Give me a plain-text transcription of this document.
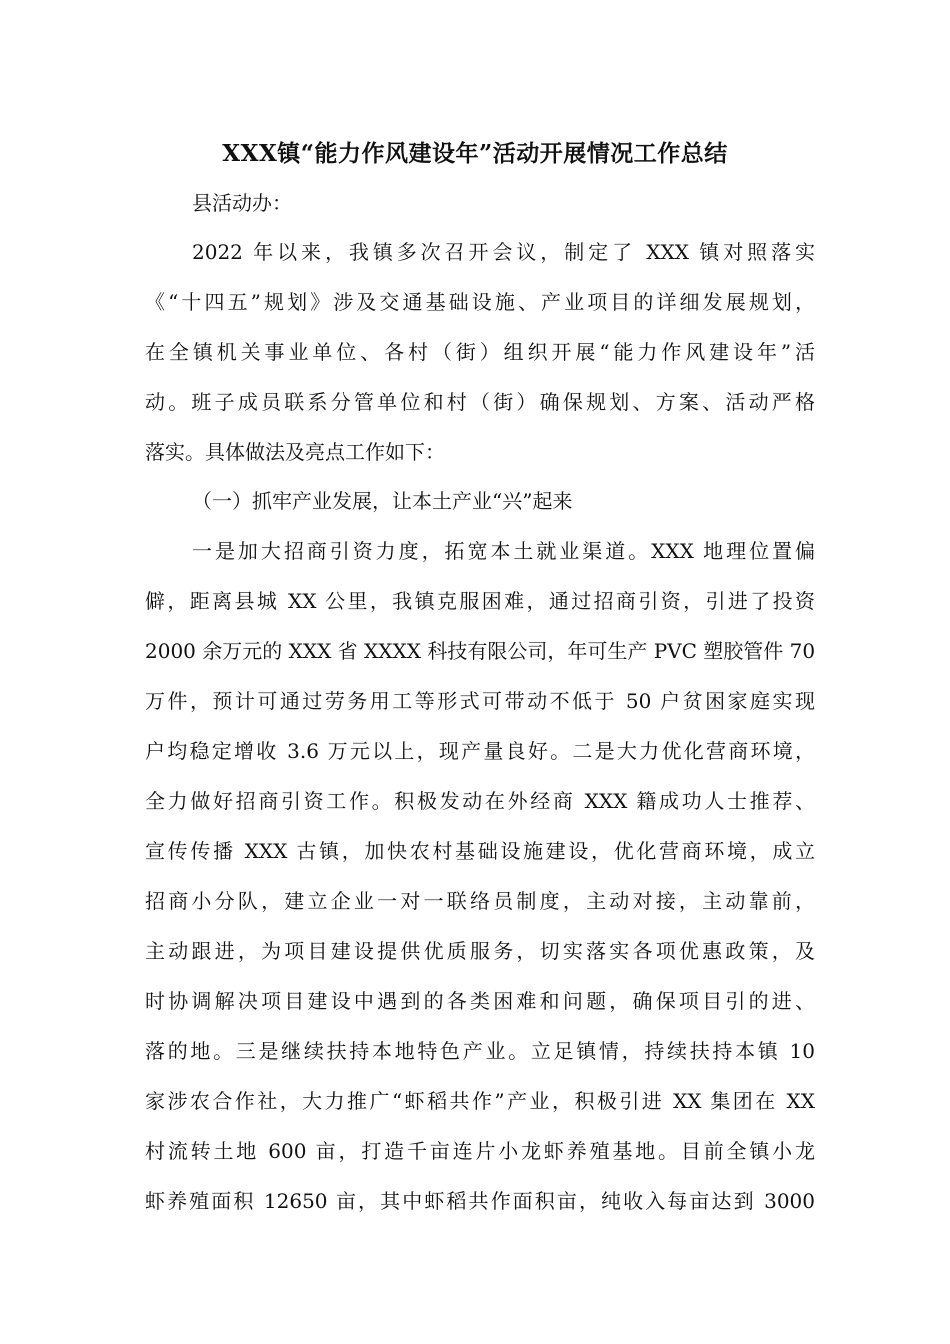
XXX镇“能力作风建设年”活动开展情况工作总结
县活动办：
2022 年以来，我镇多次召开会议，制定了 XXX 镇对照落实
《“十四五”规划》涉及交通基础设施、产业项目的详细发展规划，
在全镇机关事业单位、各村（街）组织开展“能力作风建设年”活
动。班子成员联系分管单位和村（街）确保规划、方案、活动严格
落实。具体做法及亮点工作如下：
（一）抓牢产业发展，让本土产业“兴”起来
一是加大招商引资力度，拓宽本土就业渠道。XXX 地理位置偏
僻，距离县城 XX 公里，我镇克服困难，通过招商引资，引进了投资
2000 余万元的 XXX 省 XXXX 科技有限公司，年可生产 PVC 塑胶管件 70
万件，预计可通过劳务用工等形式可带动不低于 50 户贫困家庭实现
户均稳定增收 3.6 万元以上，现产量良好。二是大力优化营商环境，
全力做好招商引资工作。积极发动在外经商 XXX 籍成功人士推荐、
宣传传播 XXX 古镇，加快农村基础设施建设，优化营商环境，成立
招商小分队，建立企业一对一联络员制度，主动对接，主动靠前，
主动跟进，为项目建设提供优质服务，切实落实各项优惠政策，及
时协调解决项目建设中遇到的各类困难和问题，确保项目引的进、
落的地。三是继续扶持本地特色产业。立足镇情，持续扶持本镇 10
家涉农合作社，大力推广“虾稻共作”产业，积极引进 XX 集团在 XX
村流转土地 600 亩，打造千亩连片小龙虾养殖基地。目前全镇小龙
虾养殖面积 12650 亩，其中虾稻共作面积亩，纯收入每亩达到 3000
